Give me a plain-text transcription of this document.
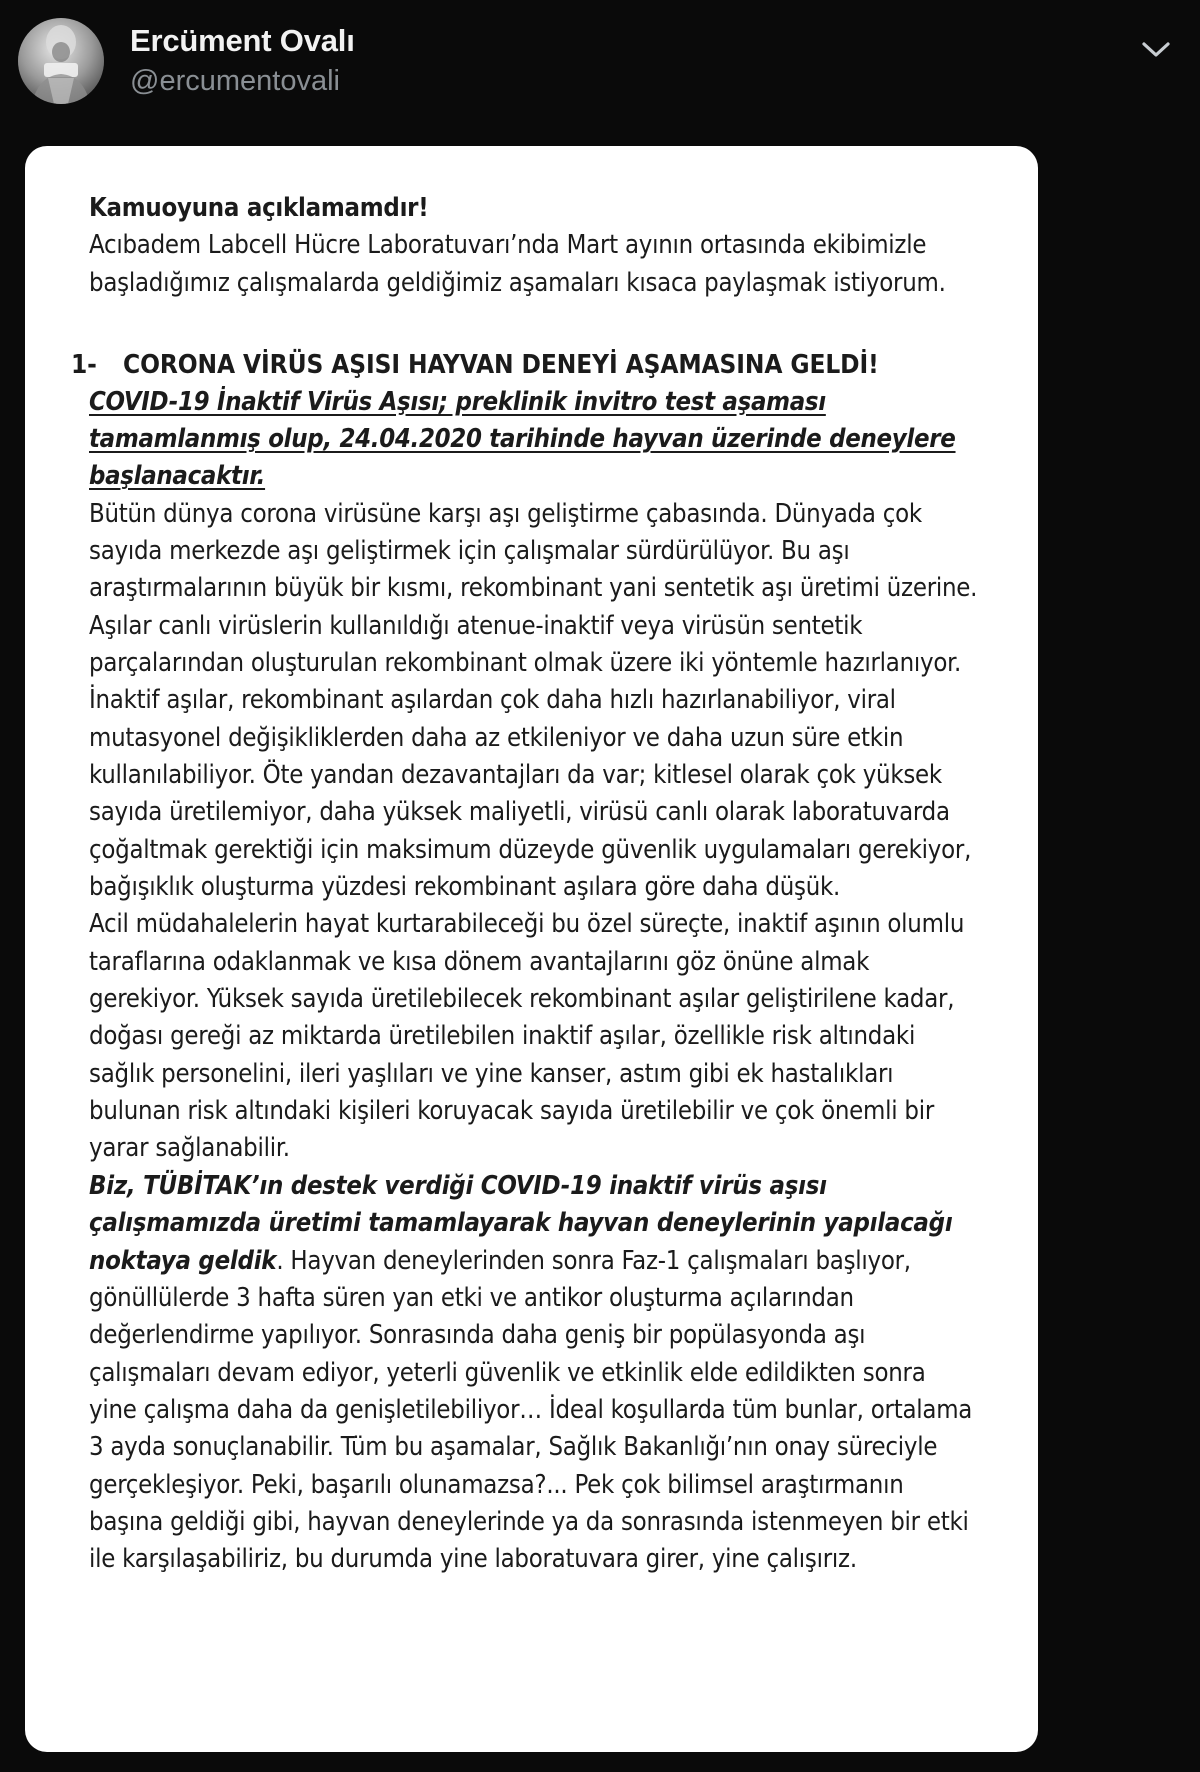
Ercüment Ovalı
@ercumentovali

Kamuoyuna açıklamamdır!

Acıbadem Labcell Hücre Laboratuvarı’nda Mart ayının ortasında ekibimizle başladığımız çalışmalarda geldiğimiz aşamaları kısaca paylaşmak istiyorum.

1-	CORONA VİRÜS AŞISI HAYVAN DENEYİ AŞAMASINA GELDİ!

COVID-19 İnaktif Virüs Aşısı; preklinik invitro test aşaması tamamlanmış olup, 24.04.2020 tarihinde hayvan üzerinde deneylere başlanacaktır.

Bütün dünya corona virüsüne karşı aşı geliştirme çabasında. Dünyada çok sayıda merkezde aşı geliştirmek için çalışmalar sürdürülüyor. Bu aşı araştırmalarının büyük bir kısmı, rekombinant yani sentetik aşı üretimi üzerine. Aşılar canlı virüslerin kullanıldığı atenue-inaktif veya virüsün sentetik parçalarından oluşturulan rekombinant olmak üzere iki yöntemle hazırlanıyor. İnaktif aşılar, rekombinant aşılardan çok daha hızlı hazırlanabiliyor, viral mutasyonel değişikliklerden daha az etkileniyor ve daha uzun süre etkin kullanılabiliyor. Öte yandan dezavantajları da var; kitlesel olarak çok yüksek sayıda üretilemiyor, daha yüksek maliyetli, virüsü canlı olarak laboratuvarda çoğaltmak gerektiği için maksimum düzeyde güvenlik uygulamaları gerekiyor, bağışıklık oluşturma yüzdesi rekombinant aşılara göre daha düşük.

Acil müdahalelerin hayat kurtarabileceği bu özel süreçte, inaktif aşının olumlu taraflarına odaklanmak ve kısa dönem avantajlarını göz önüne almak gerekiyor. Yüksek sayıda üretilebilecek rekombinant aşılar geliştirilene kadar, doğası gereği az miktarda üretilebilen inaktif aşılar, özellikle risk altındaki sağlık personelini, ileri yaşlıları ve yine kanser, astım gibi ek hastalıkları bulunan risk altındaki kişileri koruyacak sayıda üretilebilir ve çok önemli bir yarar sağlanabilir.

Biz, TÜBİTAK’ın destek verdiği COVID-19 inaktif virüs aşısı çalışmamızda üretimi tamamlayarak hayvan deneylerinin yapılacağı noktaya geldik. Hayvan deneylerinden sonra Faz-1 çalışmaları başlıyor, gönüllülerde 3 hafta süren yan etki ve antikor oluşturma açılarından değerlendirme yapılıyor. Sonrasında daha geniş bir popülasyonda aşı çalışmaları devam ediyor, yeterli güvenlik ve etkinlik elde edildikten sonra yine çalışma daha da genişletilebiliyor… İdeal koşullarda tüm bunlar, ortalama 3 ayda sonuçlanabilir. Tüm bu aşamalar, Sağlık Bakanlığı’nın onay süreciyle gerçekleşiyor. Peki, başarılı olunamazsa?... Pek çok bilimsel araştırmanın başına geldiği gibi, hayvan deneylerinde ya da sonrasında istenmeyen bir etki ile karşılaşabiliriz, bu durumda yine laboratuvara girer, yine çalışırız.
